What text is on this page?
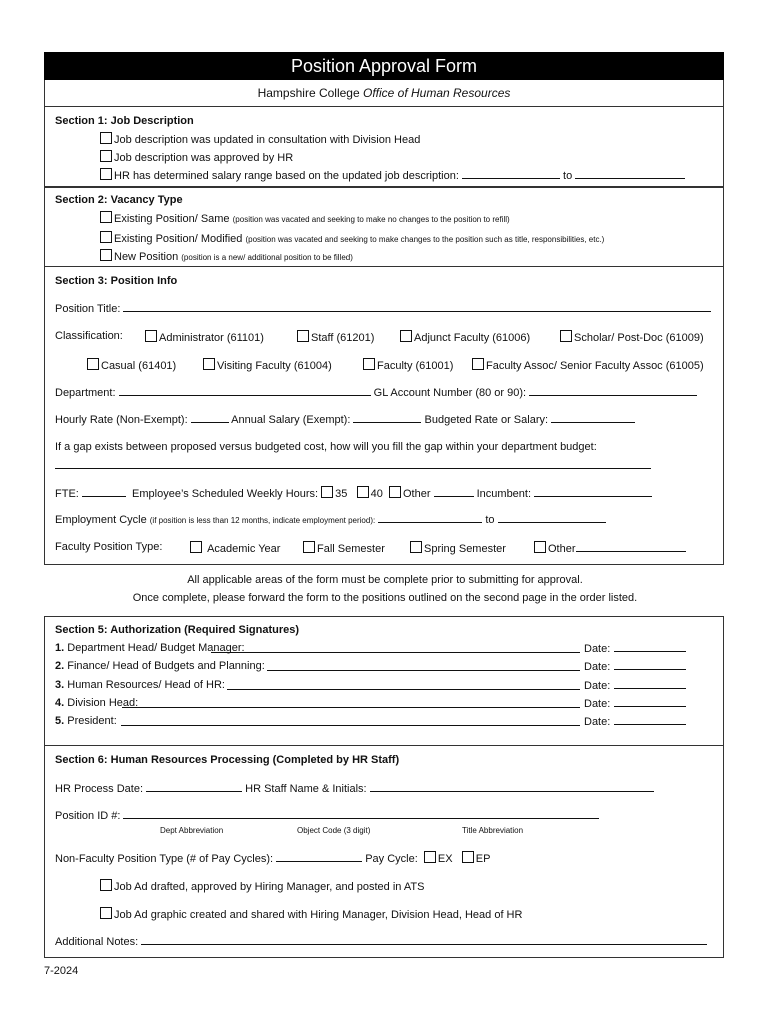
Position Approval Form
Hampshire College Office of Human Resources
Section 1: Job Description
Job description was updated in consultation with Division Head
Job description was approved by HR
HR has determined salary range based on the updated job description:	to
Section 2: Vacancy Type
Existing Position/ Same (position was vacated and seeking to make no changes to the position to refill)
Existing Position/ Modified (position was vacated and seeking to make changes to the position such as title, responsibilities, etc.)
New Position (position is a new/ additional position to be filled)
Section 3: Position Info
Position Title:
Classification:	Administrator (61101)	Staff (61201)	Adjunct Faculty (61006)	Scholar/ Post-Doc (61009)
Casual (61401)	Visiting Faculty (61004)	Faculty (61001)	Faculty Assoc/ Senior Faculty Assoc (61005)
Department:	GL Account Number (80 or 90):
Hourly Rate (Non-Exempt):	Annual Salary (Exempt):	Budgeted Rate or Salary:
If a gap exists between proposed versus budgeted cost, how will you fill the gap within your department budget:
FTE:	Employee’s Scheduled Weekly Hours: 35 40 Other	Incumbent:
Employment Cycle (if position is less than 12 months, indicate employment period):	to
Faculty Position Type:	Academic Year	Fall Semester	Spring Semester	Other
All applicable areas of the form must be complete prior to submitting for approval.
Once complete, please forward the form to the positions outlined on the second page in the order listed.
Section 5: Authorization (Required Signatures)
1. Department Head/ Budget Manager:	Date:
2. Finance/ Head of Budgets and Planning:	Date:
3. Human Resources/ Head of HR:	Date:
4. Division Head:	Date:
5. President:	Date:
Section 6: Human Resources Processing (Completed by HR Staff)
HR Process Date:	HR Staff Name & Initials:
Position ID #:
Dept Abbreviation	Object Code (3 digit)	Title Abbreviation
Non-Faculty Position Type (# of Pay Cycles):	Pay Cycle: EX EP
Job Ad drafted, approved by Hiring Manager, and posted in ATS
Job Ad graphic created and shared with Hiring Manager, Division Head, Head of HR
Additional Notes:
7-2024
